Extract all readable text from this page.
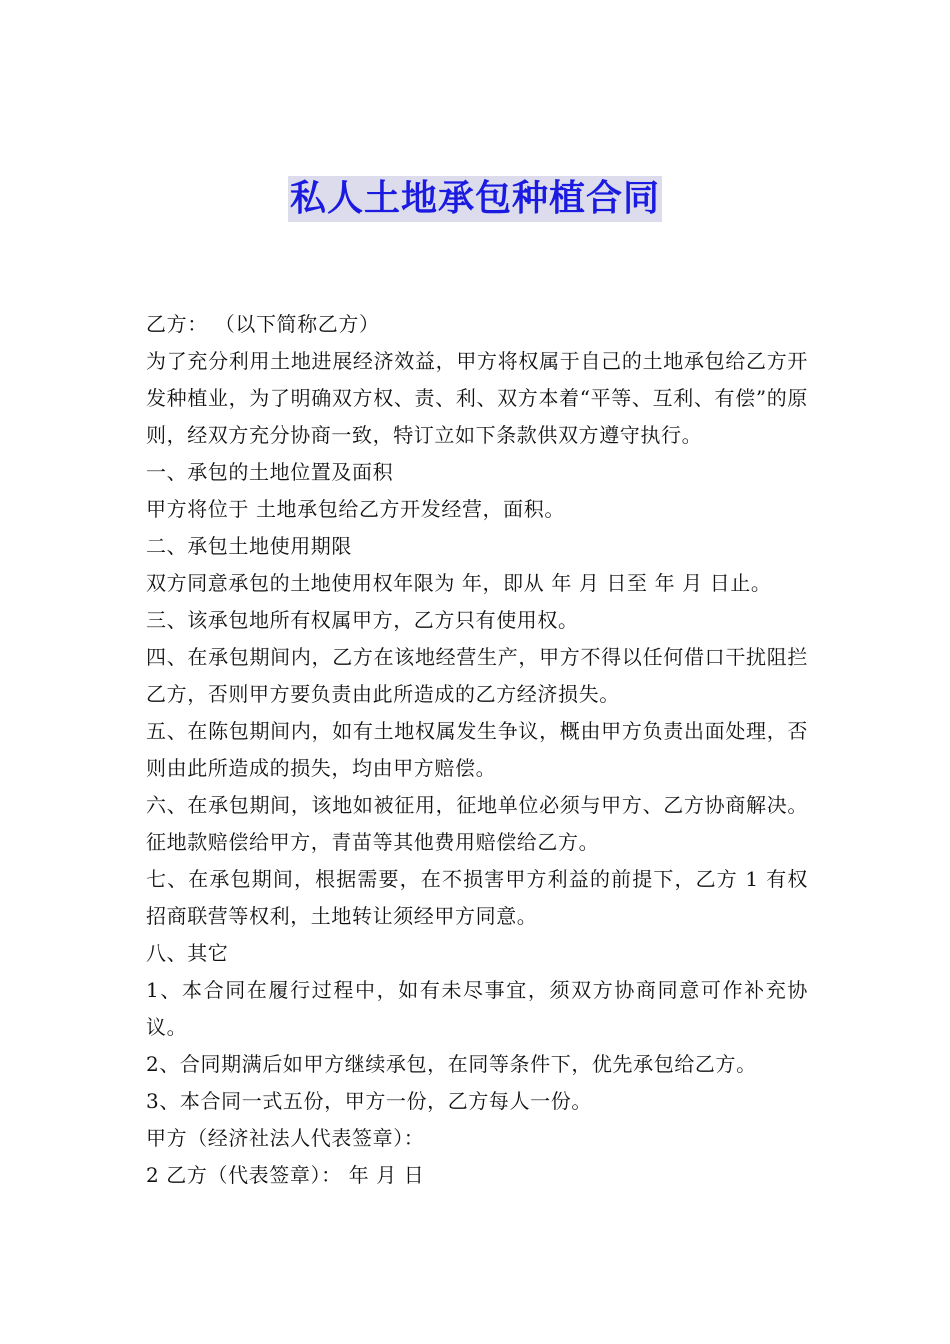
私人土地承包种植合同

乙方： （以下简称乙方）

为了充分利用土地进展经济效益，甲方将权属于自己的土地承包给乙方开发种植业，为了明确双方权、责、利、双方本着“平等、互利、有偿”的原则，经双方充分协商一致，特订立如下条款供双方遵守执行。

一、承包的土地位置及面积

甲方将位于 土地承包给乙方开发经营，面积。

二、承包土地使用期限

双方同意承包的土地使用权年限为 年，即从 年 月 日至 年 月 日止。

三、该承包地所有权属甲方，乙方只有使用权。

四、在承包期间内，乙方在该地经营生产，甲方不得以任何借口干扰阻拦乙方，否则甲方要负责由此所造成的乙方经济损失。

五、在陈包期间内，如有土地权属发生争议，概由甲方负责出面处理，否则由此所造成的损失，均由甲方赔偿。

六、在承包期间，该地如被征用，征地单位必须与甲方、乙方协商解决。征地款赔偿给甲方，青苗等其他费用赔偿给乙方。

七、在承包期间，根据需要，在不损害甲方利益的前提下，乙方 1 有权招商联营等权利，土地转让须经甲方同意。

八、其它

1、本合同在履行过程中，如有未尽事宜，须双方协商同意可作补充协议。

2、合同期满后如甲方继续承包，在同等条件下，优先承包给乙方。

3、本合同一式五份，甲方一份，乙方每人一份。

甲方（经济社法人代表签章）：

2 乙方（代表签章）： 年 月 日
